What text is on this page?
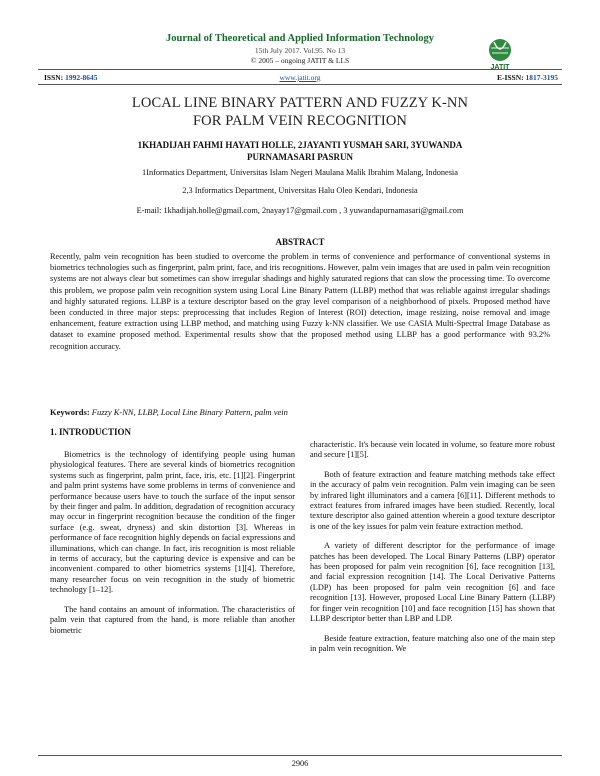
Journal of Theoretical and Applied Information Technology
15th July 2017. Vol.95. No 13
© 2005 – ongoing JATIT & LLS
JATIT
ISSN: 1992-8645	www.jatit.org	E-ISSN: 1817-3195
LOCAL LINE BINARY PATTERN AND FUZZY K-NN
FOR PALM VEIN RECOGNITION
1KHADIJAH FAHMI HAYATI HOLLE, 2JAYANTI YUSMAH SARI, 3YUWANDA
PURNAMASARI PASRUN
1Informatics Department, Universitas Islam Negeri Maulana Malik Ibrahim Malang, Indonesia
2,3 Informatics Department, Universitas Halu Oleo Kendari, Indonesia
E-mail: 1khadijah.holle@gmail.com, 2nayay17@gmail.com , 3 yuwandapurnamasari@gmail.com
ABSTRACT
Recently, palm vein recognition has been studied to overcome the problem in terms of convenience and performance of conventional systems in biometrics technologies such as fingerprint, palm print, face, and iris recognitions. However, palm vein images that are used in palm vein recognition systems are not always clear but sometimes can show irregular shadings and highly saturated regions that can slow the processing time. To overcome this problem, we propose palm vein recognition system using Local Line Binary Pattern (LLBP) method that was reliable against irregular shadings and highly saturated regions. LLBP is a texture descriptor based on the gray level comparison of a neighborhood of pixels. Proposed method have been conducted in three major steps: preprocessing that includes Region of Interest (ROI) detection, image resizing, noise removal and image enhancement, feature extraction using LLBP method, and matching using Fuzzy k-NN classifier. We use CASIA Multi-Spectral Image Database as dataset to examine proposed method. Experimental results show that the proposed method using LLBP has a good performance with 93.2% recognition accuracy.
Keywords: Fuzzy K-NN, LLBP, Local Line Binary Pattern, palm vein
1. INTRODUCTION

Biometrics is the technology of identifying people using human physiological features. There are several kinds of biometrics recognition systems such as fingerprint, palm print, face, iris, etc. [1][2]. Fingerprint and palm print systems have some problems in terms of convenience and performance because users have to touch the surface of the input sensor by their finger and palm. In addition, degradation of recognition accuracy may occur in fingerprint recognition because the condition of the finger surface (e.g. sweat, dryness) and skin distortion [3]. Whereas in performance of face recognition highly depends on facial expressions and illuminations, which can change. In fact, iris recognition is most reliable in terms of accuracy, but the capturing device is expensive and can be inconvenient compared to other biometrics systems [1][4]. Therefore, many researcher focus on vein recognition in the study of biometric technology [1–12].

The hand contains an amount of information. The characteristics of palm vein that captured from the hand, is more reliable than another biometric

characteristic. It's because vein located in volume, so feature more robust and secure [1][5].

Both of feature extraction and feature matching methods take effect in the accuracy of palm vein recognition. Palm vein imaging can be seen by infrared light illuminators and a camera [6][11]. Different methods to extract features from infrared images have been studied. Recently, local texture descriptor also gained attention wherein a good texture descriptor is one of the key issues for palm vein feature extraction method.

A variety of different descriptor for the performance of image patches has been developed. The Local Binary Patterns (LBP) operator has been proposed for palm vein recognition [6], face recognition [13], and facial expression recognition [14]. The Local Derivative Patterns (LDP) has been proposed for palm vein recognition [6] and face recognition [13]. However, proposed Local Line Binary Pattern (LLBP) for finger vein recognition [10] and face recognition [15] has shown that LLBP descriptor better than LBP and LDP.

Beside feature extraction, feature matching also one of the main step in palm vein recognition. We

2906
